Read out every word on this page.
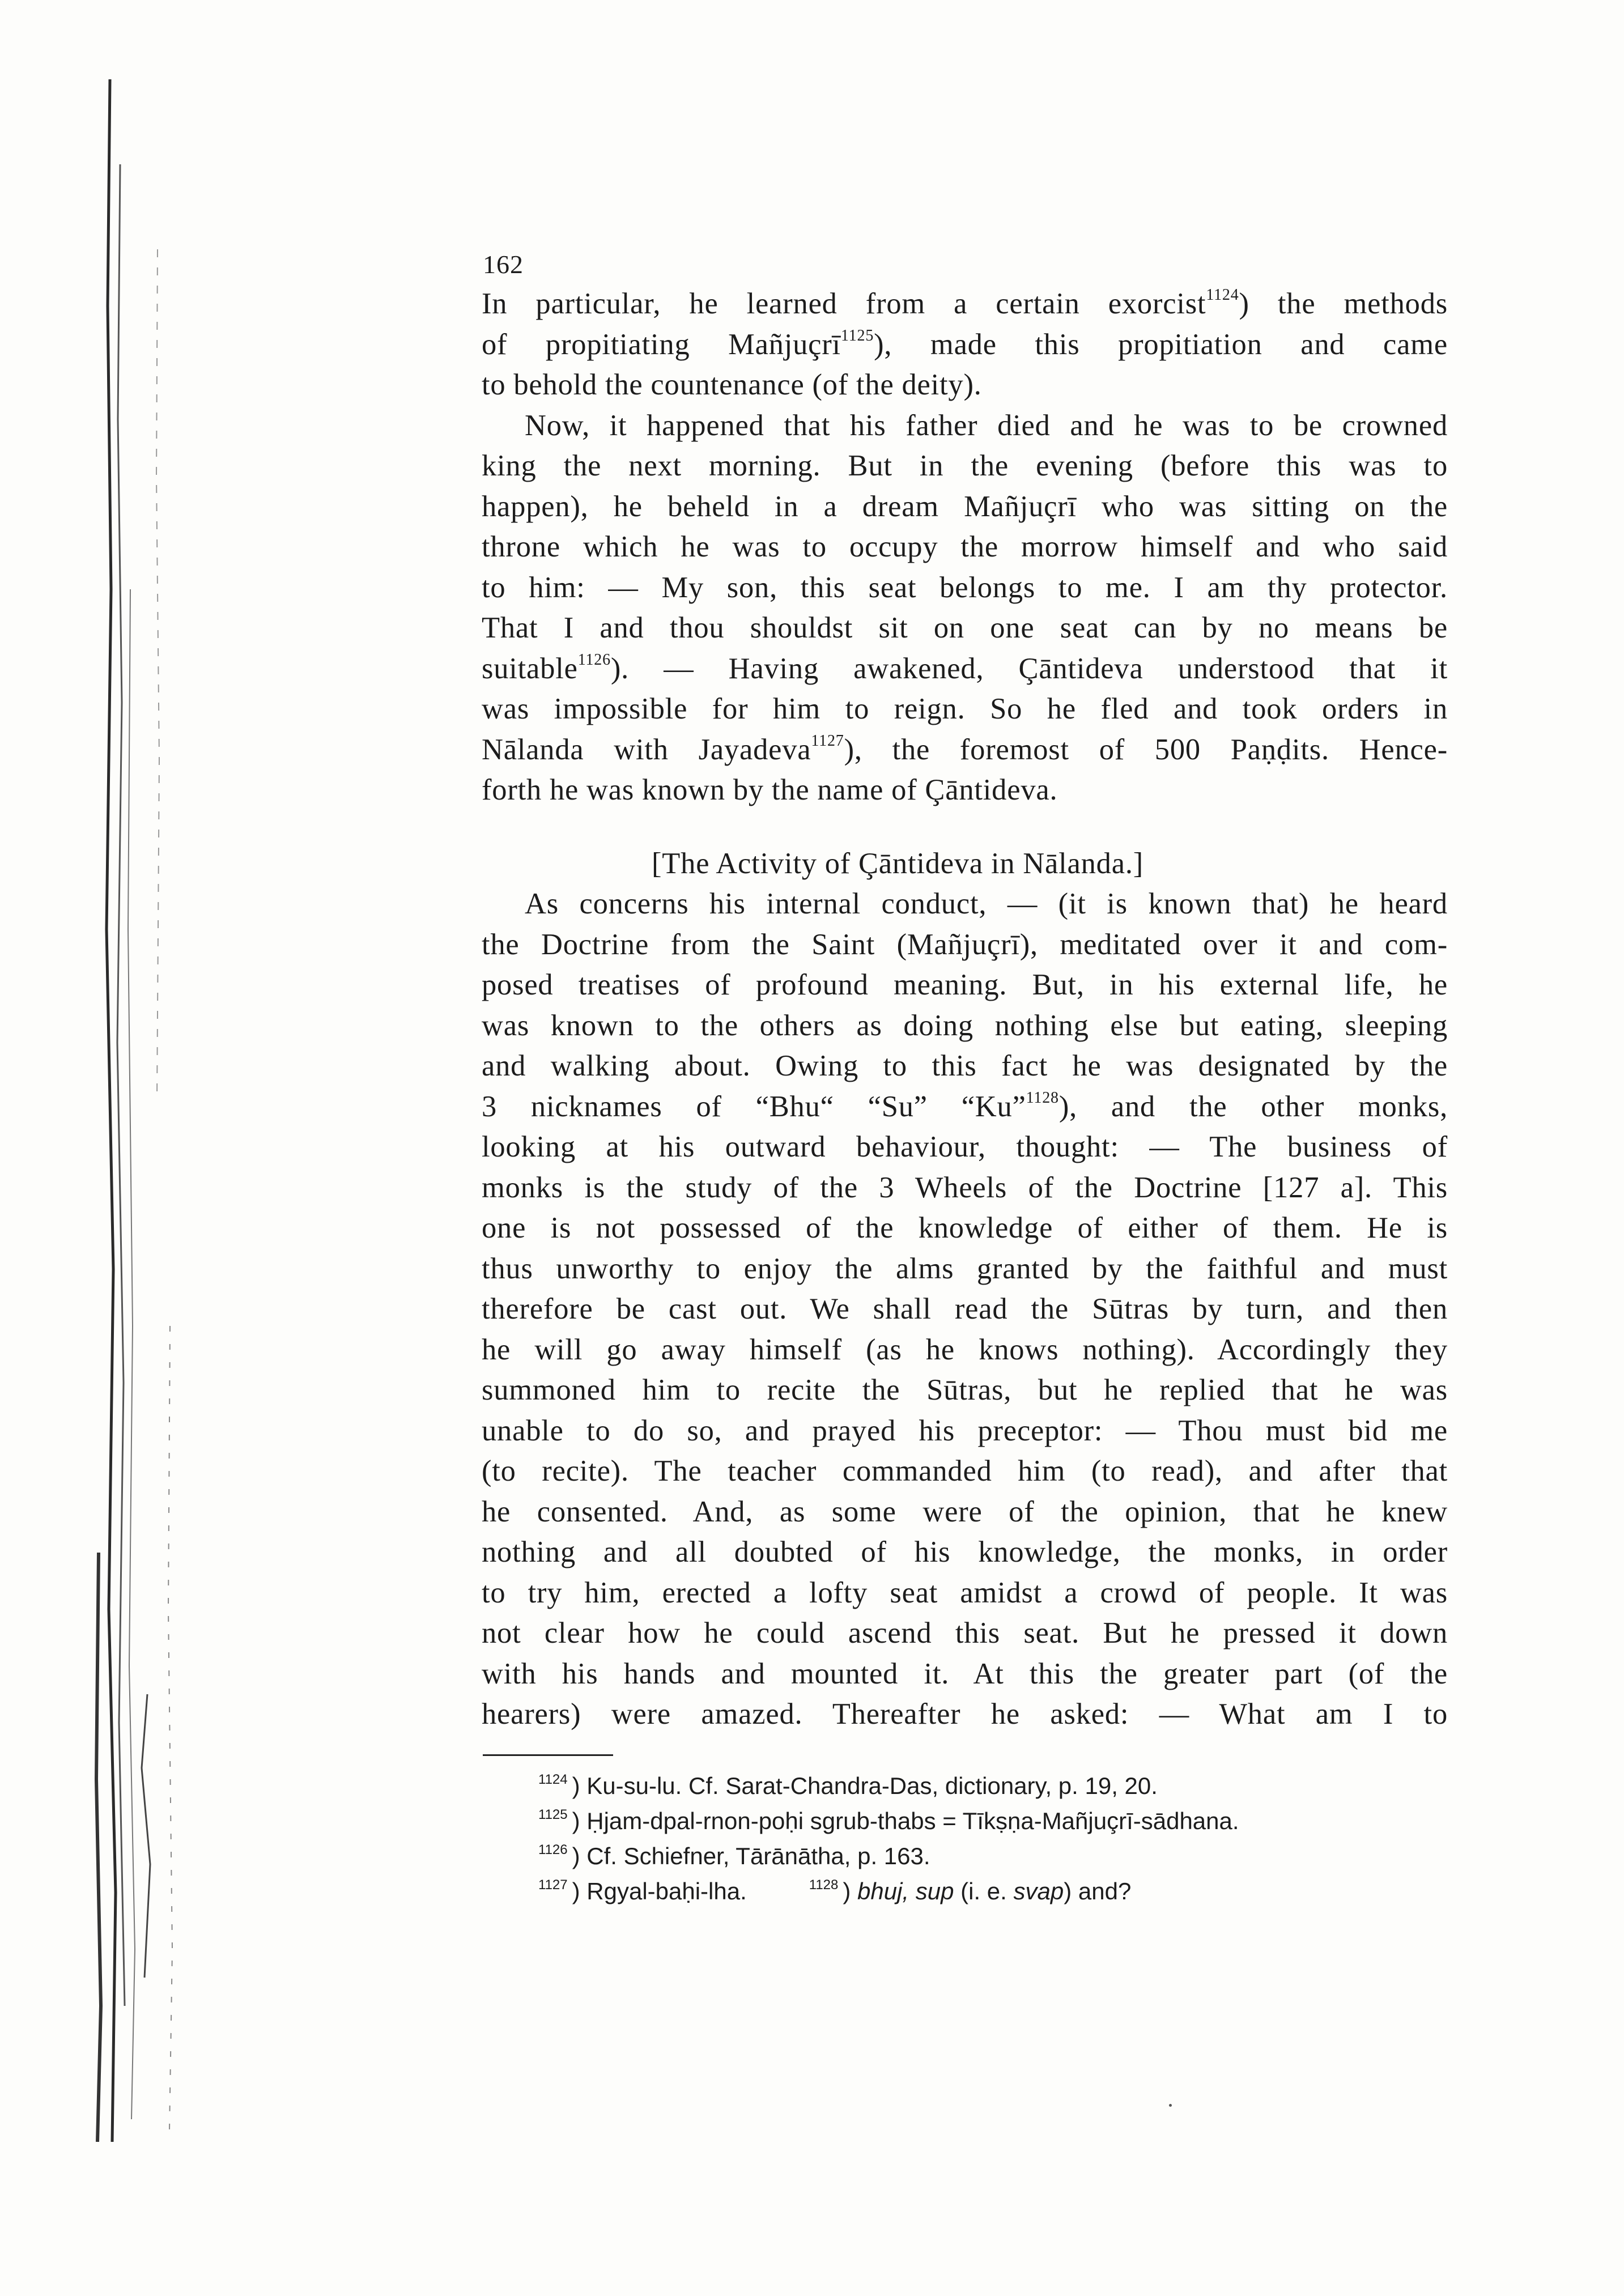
162

In particular, he learned from a certain exorcist$^{1124}$) the methods
of propitiating Mañjuçrī$^{1125}$), made this propitiation and came
to behold the countenance (of the deity).

Now, it happened that his father died and he was to be crowned
king the next morning. But in the evening (before this was to
happen), he beheld in a dream Mañjuçrī who was sitting on the
throne which he was to occupy the morrow himself and who said
to him: — My son, this seat belongs to me. I am thy protector.
That I and thou shouldst sit on one seat can by no means be
suitable$^{1126}$). — Having awakened, Çāntideva understood that it
was impossible for him to reign. So he fled and took orders in
Nālanda with Jayadeva$^{1127}$), the foremost of 500 Paṇḍits. Hence-
forth he was known by the name of Çāntideva.

[The Activity of Çāntideva in Nālanda.]

As concerns his internal conduct, — (it is known that) he heard
the Doctrine from the Saint (Mañjuçrī), meditated over it and com-
posed treatises of profound meaning. But, in his external life, he
was known to the others as doing nothing else but eating, sleeping
and walking about. Owing to this fact he was designated by the
3 nicknames of “Bhu“ “Su” “Ku”$^{1128}$), and the other monks,
looking at his outward behaviour, thought: — The business of
monks is the study of the 3 Wheels of the Doctrine [127 a]. This
one is not possessed of the knowledge of either of them. He is
thus unworthy to enjoy the alms granted by the faithful and must
therefore be cast out. We shall read the Sūtras by turn, and then
he will go away himself (as he knows nothing). Accordingly they
summoned him to recite the Sūtras, but he replied that he was
unable to do so, and prayed his preceptor: — Thou must bid me
(to recite). The teacher commanded him (to read), and after that
he consented. And, as some were of the opinion, that he knew
nothing and all doubted of his knowledge, the monks, in order
to try him, erected a lofty seat amidst a crowd of people. It was
not clear how he could ascend this seat. But he pressed it down
with his hands and mounted it. At this the greater part (of the
hearers) were amazed. Thereafter he asked: — What am I to

$^{1124}$ ) Ku-su-lu. Cf. Sarat-Chandra-Das, dictionary, p. 19, 20.
$^{1125}$ ) Ḥjam-dpal-rnon-poḥi sgrub-thabs = Tīkṣṇa-Mañjuçrī-sādhana.
$^{1126}$ ) Cf. Schiefner, Tārānātha, p. 163.
$^{1127}$ ) Rgyal-baḥi-lha.	$^{1128}$ ) bhuj, sup (i. e. svap) and?
